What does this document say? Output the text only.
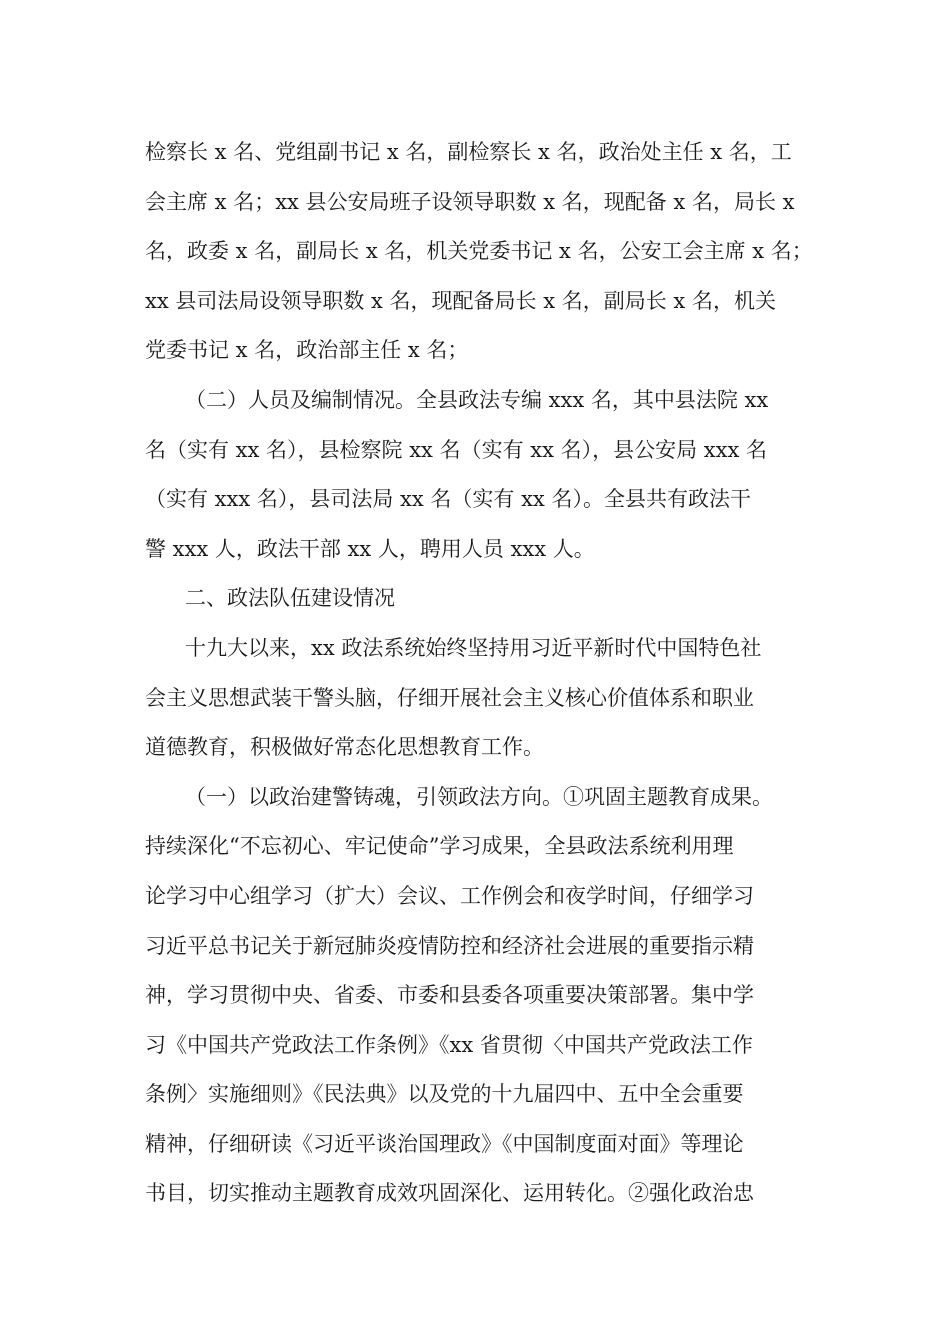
检察长 x 名、党组副书记 x 名，副检察长 x 名，政治处主任 x 名，工
会主席 x 名；xx 县公安局班子设领导职数 x 名，现配备 x 名，局长 x
名，政委 x 名，副局长 x 名，机关党委书记 x 名，公安工会主席 x 名；
xx 县司法局设领导职数 x 名，现配备局长 x 名，副局长 x 名，机关
党委书记 x 名，政治部主任 x 名；
（二）人员及编制情况。全县政法专编 xxx 名，其中县法院 xx
名（实有 xx 名），县检察院 xx 名（实有 xx 名），县公安局 xxx 名
（实有 xxx 名），县司法局 xx 名（实有 xx 名）。全县共有政法干
警 xxx 人，政法干部 xx 人，聘用人员 xxx 人。
二、政法队伍建设情况
十九大以来，xx 政法系统始终坚持用习近平新时代中国特色社
会主义思想武装干警头脑，仔细开展社会主义核心价值体系和职业
道德教育，积极做好常态化思想教育工作。
（一）以政治建警铸魂，引领政法方向。①巩固主题教育成果。
持续深化“不忘初心、牢记使命”学习成果，全县政法系统利用理
论学习中心组学习（扩大）会议、工作例会和夜学时间，仔细学习
习近平总书记关于新冠肺炎疫情防控和经济社会进展的重要指示精
神，学习贯彻中央、省委、市委和县委各项重要决策部署。集中学
习《中国共产党政法工作条例》《xx 省贯彻〈中国共产党政法工作
条例〉实施细则》《民法典》以及党的十九届四中、五中全会重要
精神，仔细研读《习近平谈治国理政》《中国制度面对面》等理论
书目，切实推动主题教育成效巩固深化、运用转化。②强化政治忠
